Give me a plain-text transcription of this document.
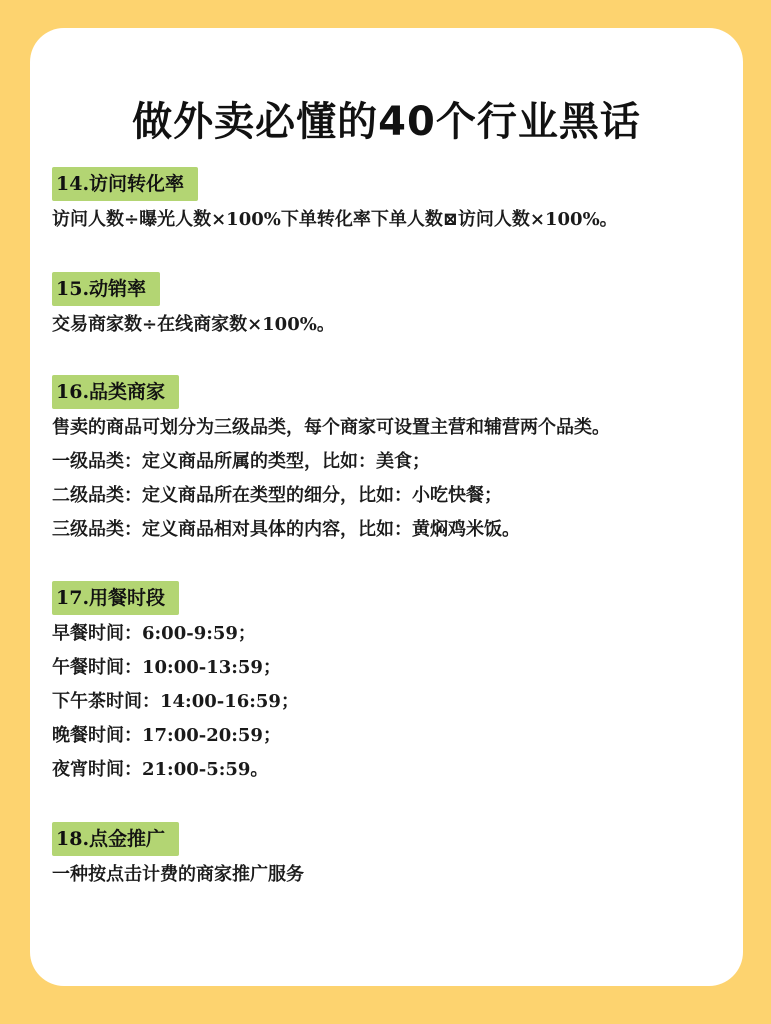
做外卖必懂的40个行业黑话
14.访问转化率
访问人数÷曝光人数×100%下单转化率下单人数⊠访问人数×100%。
15.动销率
交易商家数÷在线商家数×100%。
16.品类商家
售卖的商品可划分为三级品类，每个商家可设置主营和辅营两个品类。
一级品类：定义商品所属的类型，比如：美食；
二级品类：定义商品所在类型的细分，比如：小吃快餐；
三级品类：定义商品相对具体的内容，比如：黄焖鸡米饭。
17.用餐时段
早餐时间：6:00-9:59；
午餐时间：10:00-13:59；
下午茶时间：14:00-16:59；
晚餐时间：17:00-20:59；
夜宵时间：21:00-5:59。
18.点金推广
一种按点击计费的商家推广服务
